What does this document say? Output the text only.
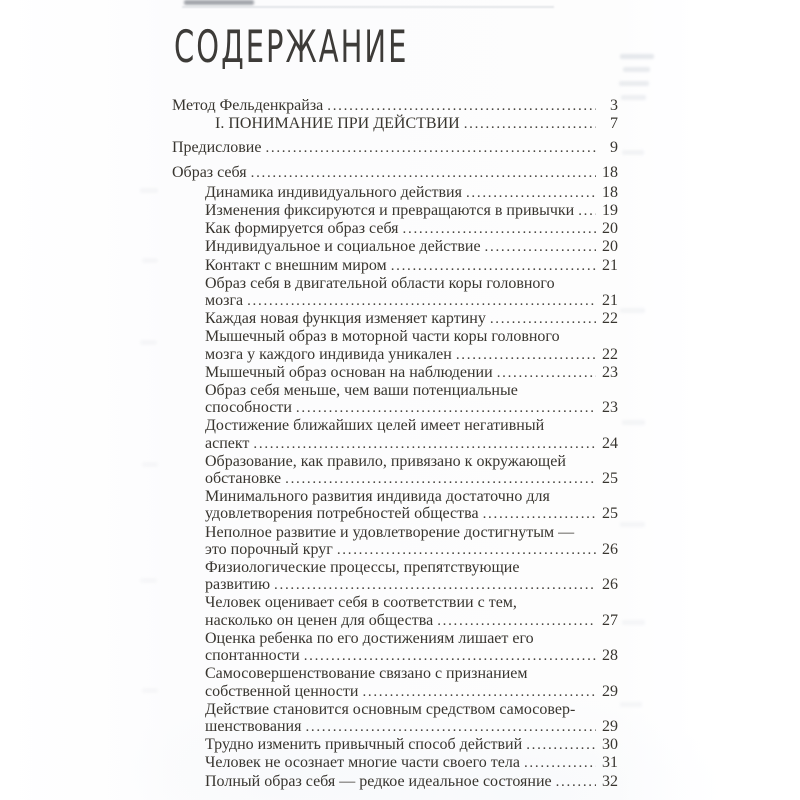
СОДЕРЖАНИЕ
Метод Фельденкрайза .....	3
I. ПОНИМАНИЕ ПРИ ДЕЙСТВИИ .....	7
Предисловие .....	9
Образ себя .....	18
Динамика индивидуального действия .....	18
Изменения фиксируются и превращаются в привычки ..... 19
Как формируется образ себя .....	20
Индивидуальное и социальное действие .....	20
Контакт с внешним миром .....	21
Образ себя в двигательной области коры головного
мозга .....	21
Каждая новая функция изменяет картину .....	22
Мышечный образ в моторной части коры головного
мозга у каждого индивида уникален .....	22
Мышечный образ основан на наблюдении .....	23
Образ себя меньше, чем ваши потенциальные
способности .....	23
Достижение ближайших целей имеет негативный
аспект .....	24
Образование, как правило, привязано к окружающей
обстановке .....	25
Минимального развития индивида достаточно для
удовлетворения потребностей общества .....	25
Неполное развитие и удовлетворение достигнутым —
это порочный круг .....	26
Физиологические процессы, препятствующие
развитию .....	26
Человек оценивает себя в соответствии с тем,
насколько он ценен для общества .....	27
Оценка ребенка по его достижениям лишает его
спонтанности .....	28
Самосовершенствование связано с признанием
собственной ценности .....	29
Действие становится основным средством самосовер-
шенствования .....	29
Трудно изменить привычный способ действий .....	30
Человек не осознает многие части своего тела .....	31
Полный образ себя — редкое идеальное состояние .....	32
